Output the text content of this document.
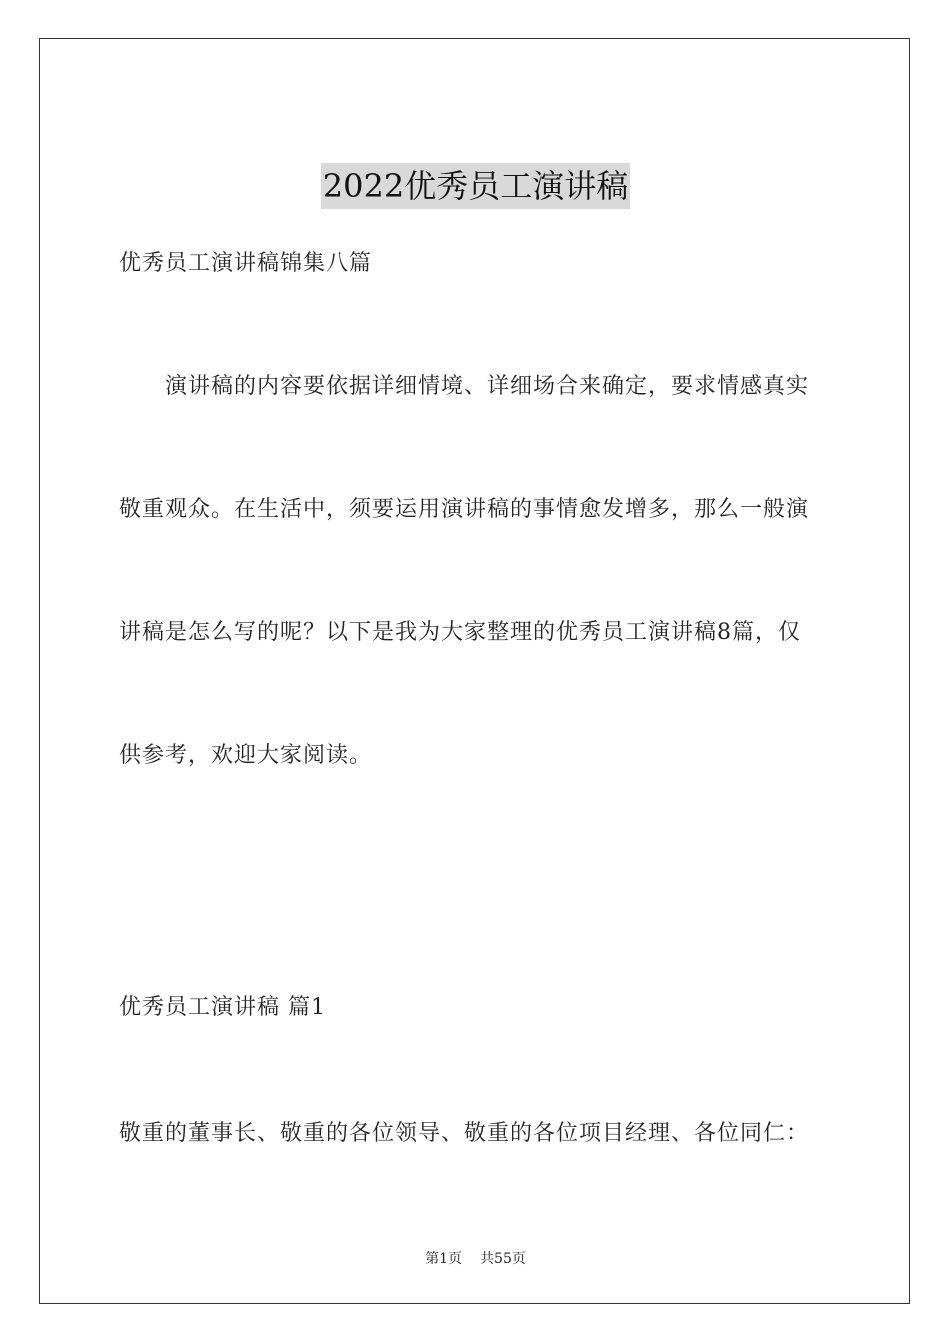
2022优秀员工演讲稿
优秀员工演讲稿锦集八篇
演讲稿的内容要依据详细情境、详细场合来确定，要求情感真实
敬重观众。在生活中，须要运用演讲稿的事情愈发增多，那么一般演
讲稿是怎么写的呢？以下是我为大家整理的优秀员工演讲稿8篇，仅
供参考，欢迎大家阅读。
优秀员工演讲稿 篇1
敬重的董事长、敬重的各位领导、敬重的各位项目经理、各位同仁：
第1页 共55页
